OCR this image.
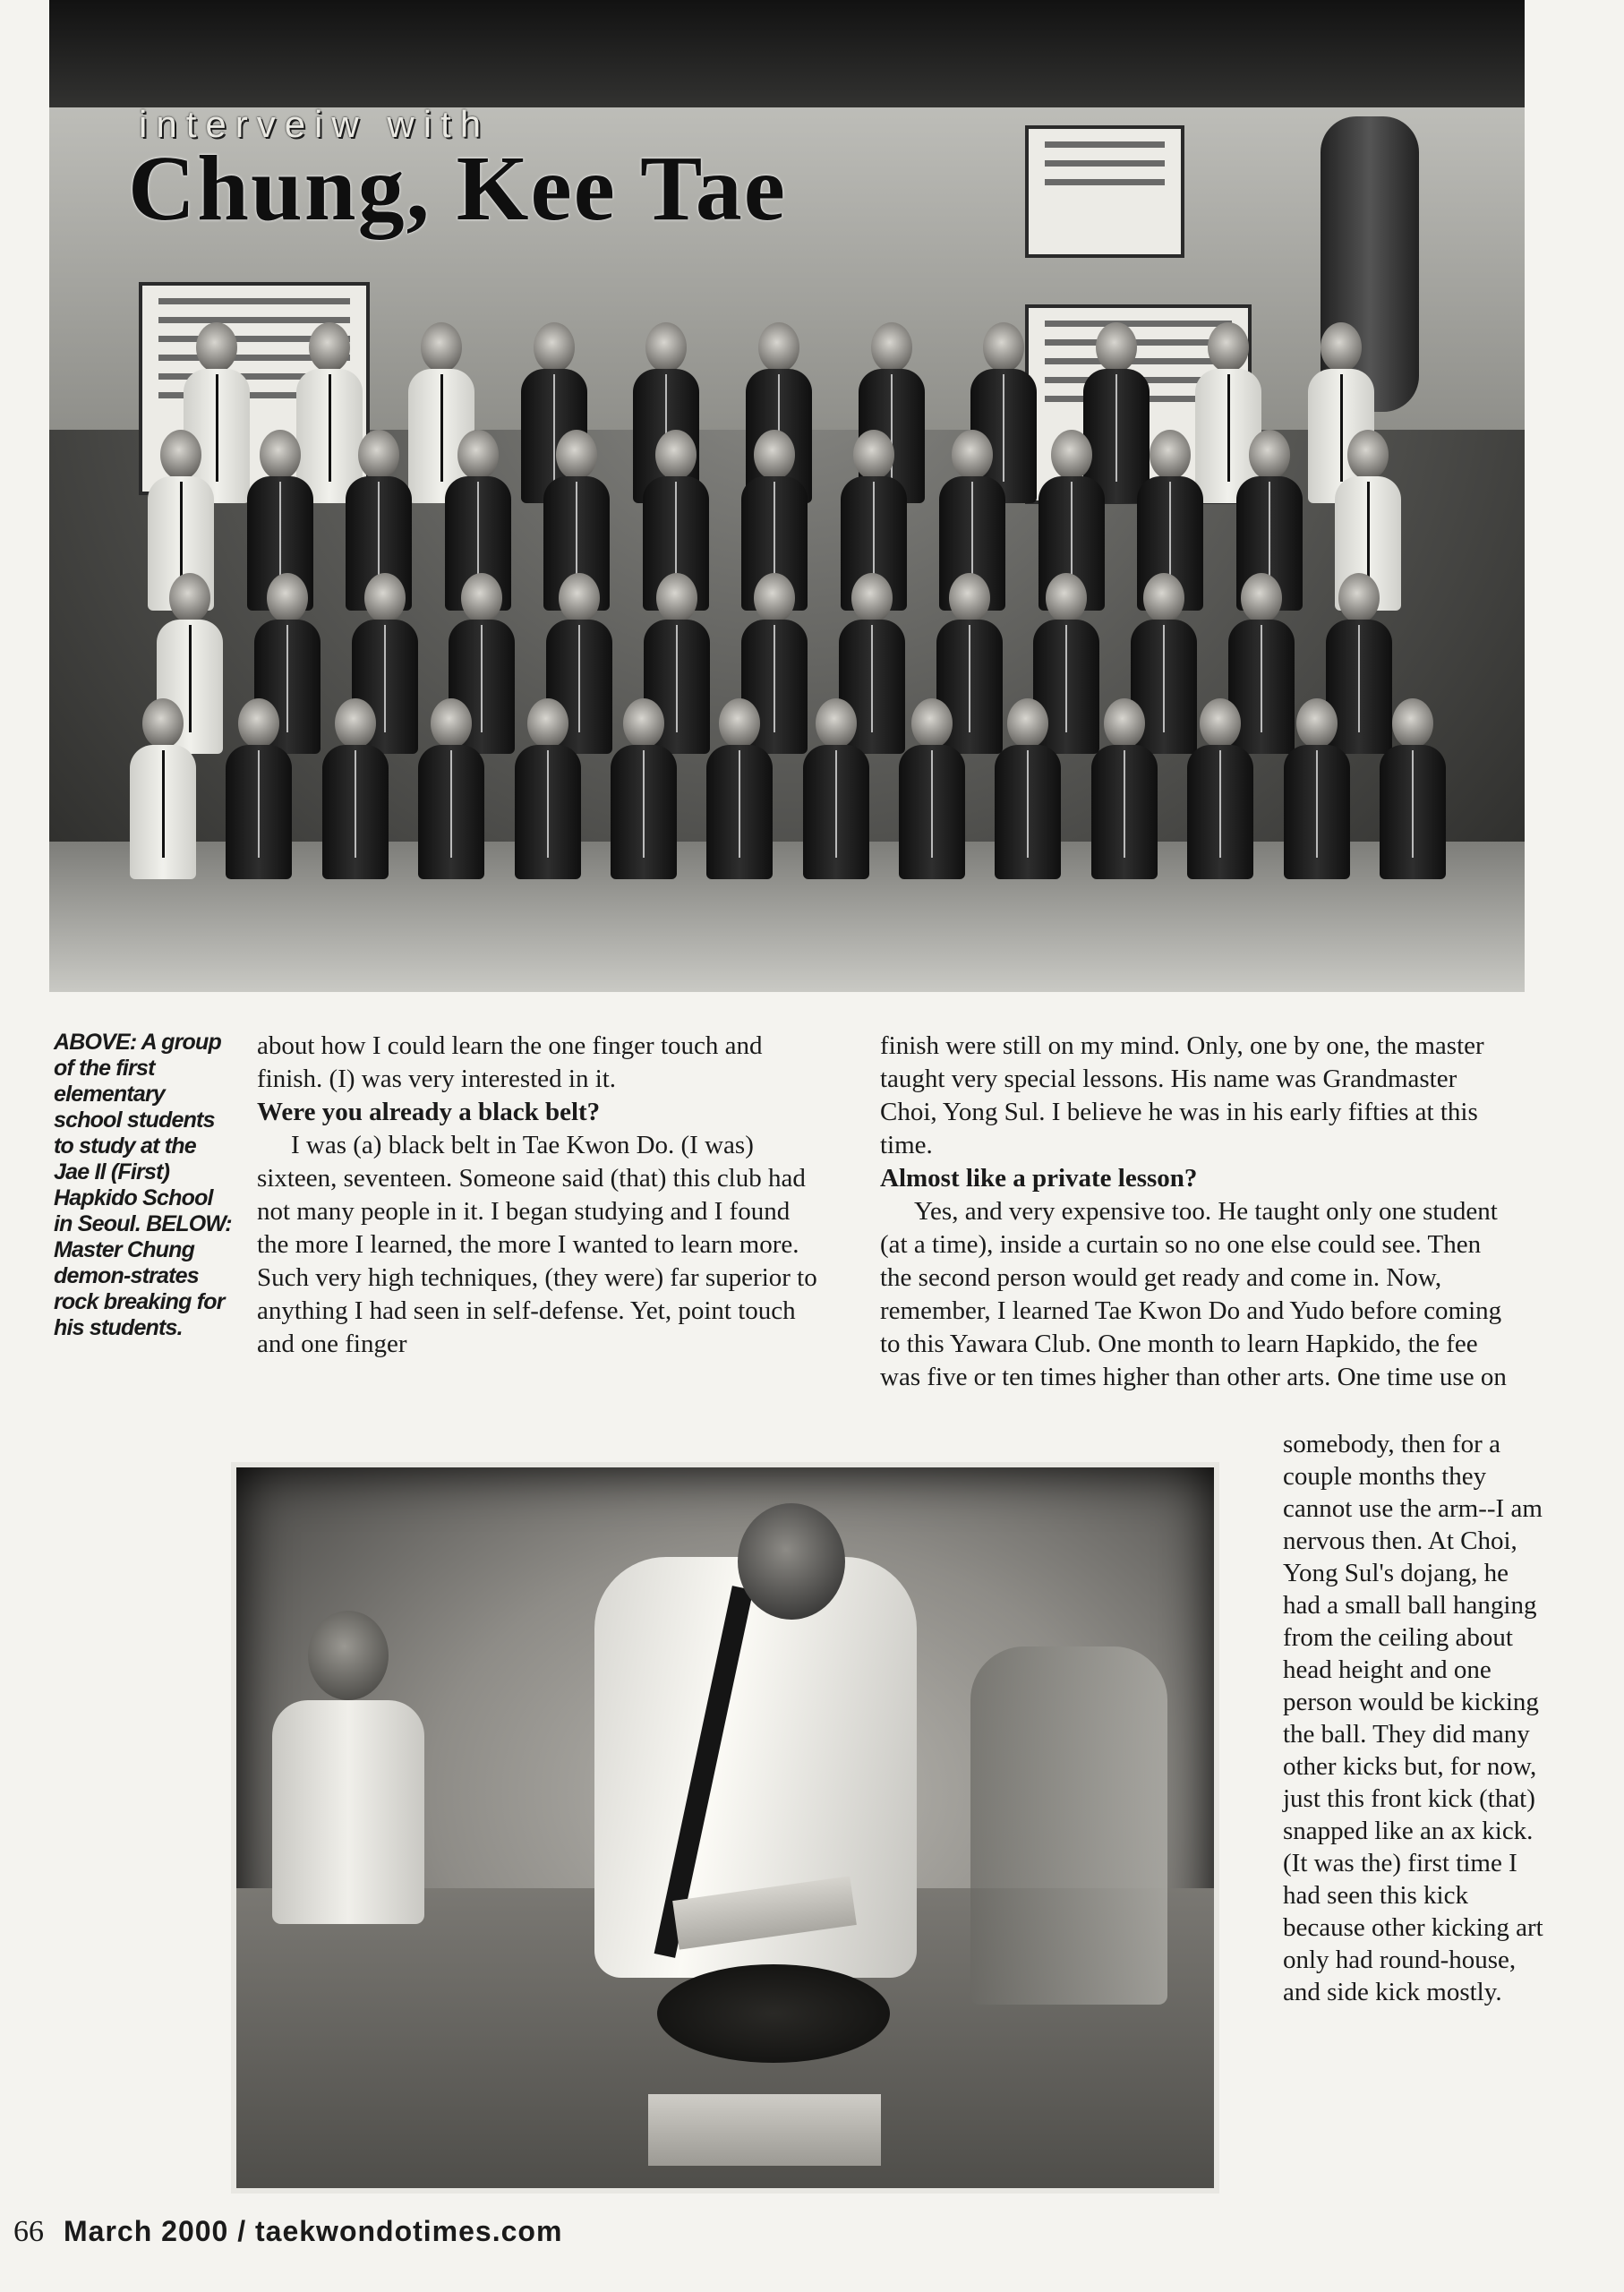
interveiw with
Chung, Kee Tae
ABOVE: A group of the first elementary school students to study at the Jae Il (First) Hapkido School in Seoul. BELOW: Master Chung demon-strates rock breaking for his students.

about how I could learn the one finger touch and finish. (I) was very interested in it.

Were you already a black belt?

I was (a) black belt in Tae Kwon Do. (I was) sixteen, seventeen. Someone said (that) this club had not many people in it. I began studying and I found the more I learned, the more I wanted to learn more. Such very high techniques, (they were) far superior to anything I had seen in self-defense. Yet, point touch and one finger

finish were still on my mind. Only, one by one, the master taught very special lessons. His name was Grandmaster Choi, Yong Sul. I believe he was in his early fifties at this time.

Almost like a private lesson?

Yes, and very expensive too. He taught only one student (at a time), inside a curtain so no one else could see. Then the second person would get ready and come in. Now, remember, I learned Tae Kwon Do and Yudo before coming to this Yawara Club. One month to learn Hapkido, the fee was five or ten times higher than other arts. One time use on

somebody, then for a couple months they cannot use the arm--I am nervous then. At Choi, Yong Sul's dojang, he had a small ball hanging from the ceiling about head height and one person would be kicking the ball. They did many other kicks but, for now, just this front kick (that) snapped like an ax kick. (It was the) first time I had seen this kick because other kicking art only had round-house, and side kick mostly.

66 March 2000 / taekwondotimes.com
